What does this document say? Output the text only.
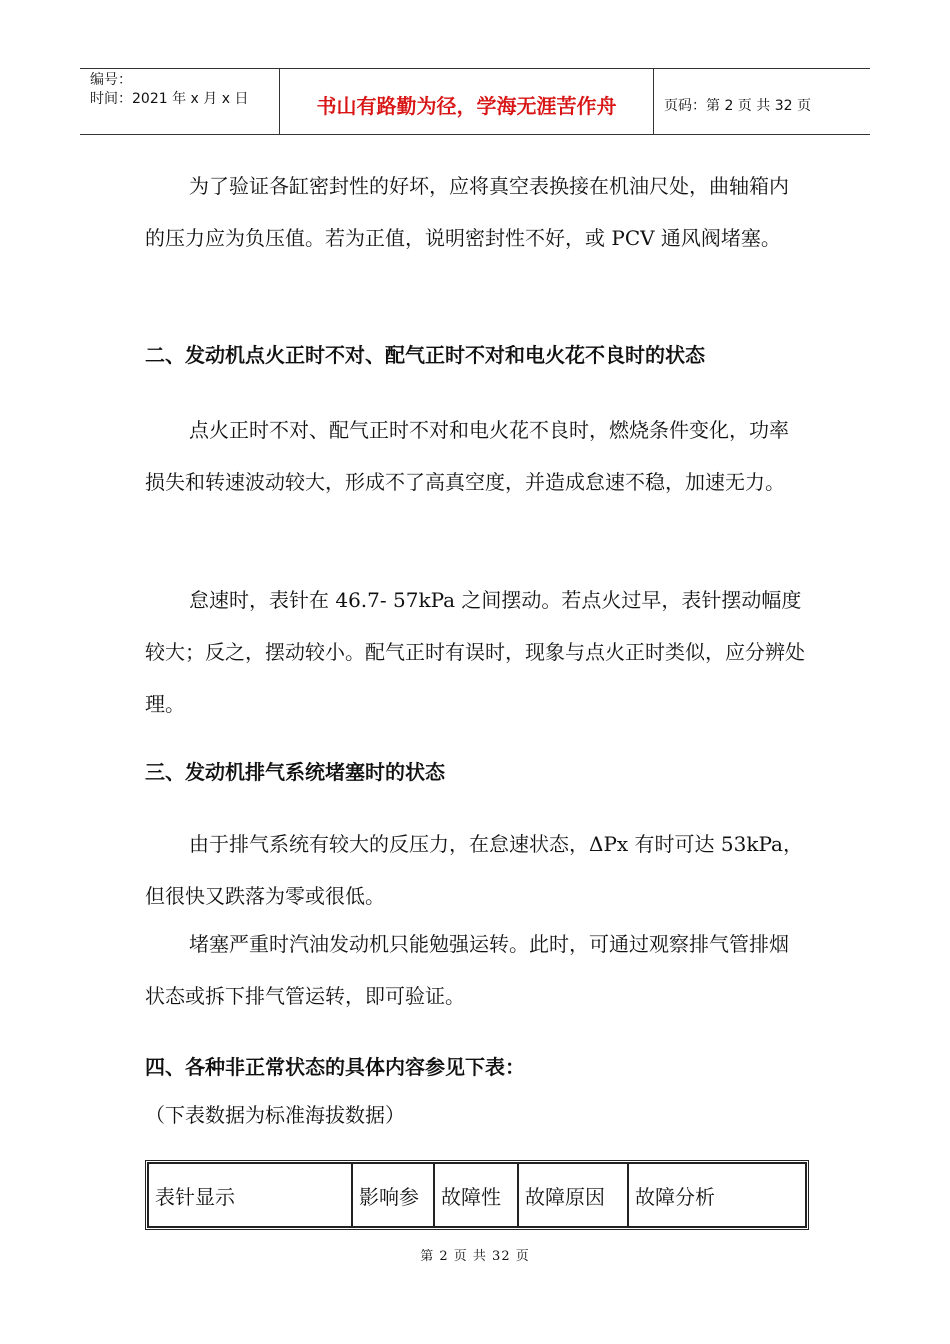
编号：
时间：2021 年 x 月 x 日	书山有路勤为径，学海无涯苦作舟	页码：第 2 页 共 32 页

为了验证各缸密封性的好坏，应将真空表换接在机油尺处，曲轴箱内的压力应为负压值。若为正值，说明密封性不好，或 PCV 通风阀堵塞。

二、发动机点火正时不对、配气正时不对和电火花不良时的状态

点火正时不对、配气正时不对和电火花不良时，燃烧条件变化，功率损失和转速波动较大，形成不了高真空度，并造成怠速不稳，加速无力。

怠速时，表针在 46.7- 57kPa 之间摆动。若点火过早，表针摆动幅度较大；反之，摆动较小。配气正时有误时，现象与点火正时类似，应分辨处理。

三、发动机排气系统堵塞时的状态

由于排气系统有较大的反压力，在怠速状态，ΔPx 有时可达 53kPa，但很快又跌落为零或很低。

堵塞严重时汽油发动机只能勉强运转。此时，可通过观察排气管排烟状态或拆下排气管运转，即可验证。

四、各种非正常状态的具体内容参见下表：

（下表数据为标准海拔数据）

表针显示	影响参	故障性	故障原因	故障分析
第 2 页 共 32 页
